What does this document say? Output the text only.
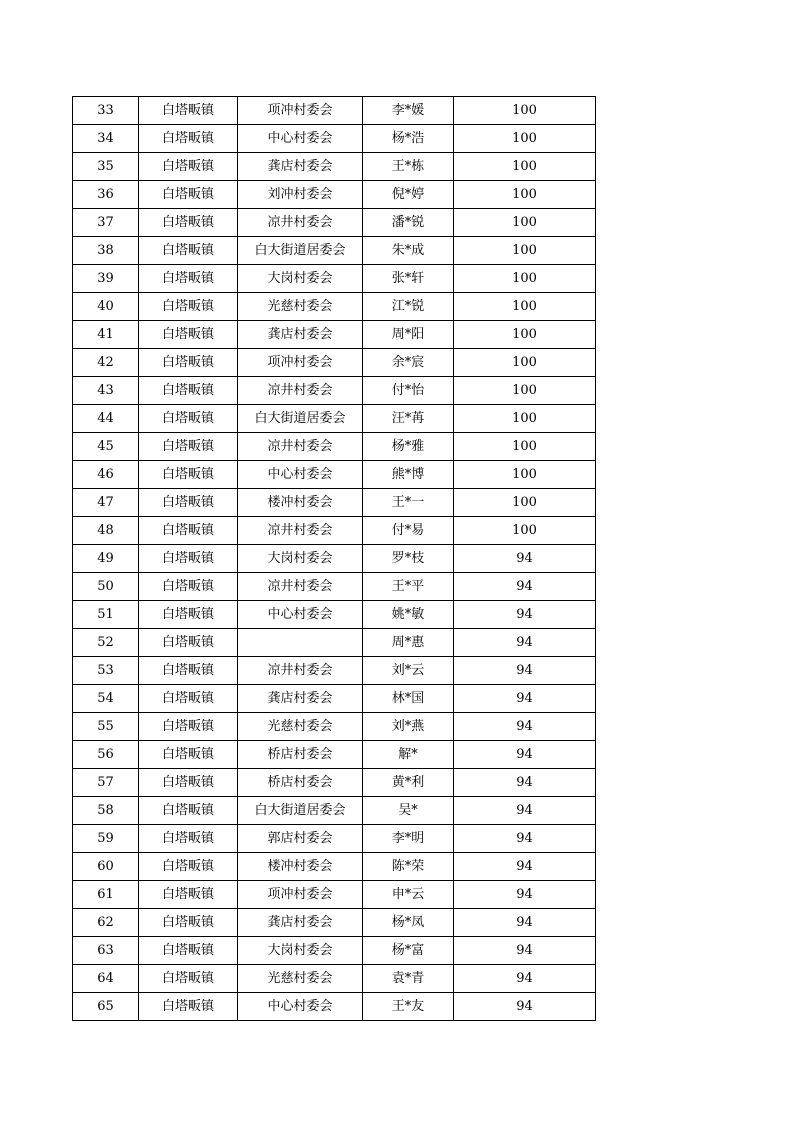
33	白塔畈镇	项冲村委会	李*媛	100
34	白塔畈镇	中心村委会	杨*浩	100
35	白塔畈镇	龚店村委会	王*栋	100
36	白塔畈镇	刘冲村委会	倪*婷	100
37	白塔畈镇	凉井村委会	潘*锐	100
38	白塔畈镇	白大街道居委会	朱*成	100
39	白塔畈镇	大岗村委会	张*轩	100
40	白塔畈镇	光慈村委会	江*锐	100
41	白塔畈镇	龚店村委会	周*阳	100
42	白塔畈镇	项冲村委会	余*宸	100
43	白塔畈镇	凉井村委会	付*怡	100
44	白塔畈镇	白大街道居委会	汪*苒	100
45	白塔畈镇	凉井村委会	杨*雅	100
46	白塔畈镇	中心村委会	熊*博	100
47	白塔畈镇	楼冲村委会	王*一	100
48	白塔畈镇	凉井村委会	付*易	100
49	白塔畈镇	大岗村委会	罗*枝	94
50	白塔畈镇	凉井村委会	王*平	94
51	白塔畈镇	中心村委会	姚*敏	94
52	白塔畈镇		周*惠	94
53	白塔畈镇	凉井村委会	刘*云	94
54	白塔畈镇	龚店村委会	林*国	94
55	白塔畈镇	光慈村委会	刘*燕	94
56	白塔畈镇	桥店村委会	解*	94
57	白塔畈镇	桥店村委会	黄*利	94
58	白塔畈镇	白大街道居委会	吴*	94
59	白塔畈镇	郭店村委会	李*明	94
60	白塔畈镇	楼冲村委会	陈*荣	94
61	白塔畈镇	项冲村委会	申*云	94
62	白塔畈镇	龚店村委会	杨*凤	94
63	白塔畈镇	大岗村委会	杨*富	94
64	白塔畈镇	光慈村委会	袁*青	94
65	白塔畈镇	中心村委会	王*友	94
